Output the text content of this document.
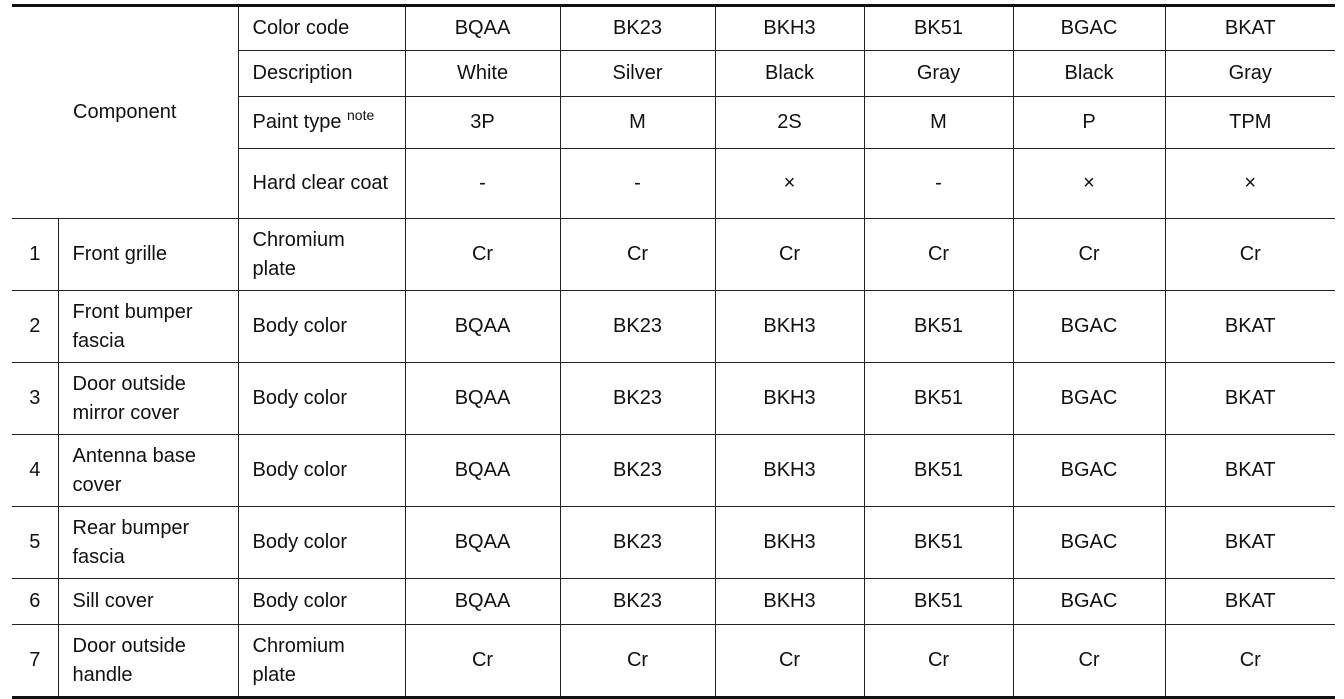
Component		Color code	BQAA	BK23	BKH3	BK51	BGAC	BKAT
		Description	White	Silver	Black	Gray	Black	Gray
		Paint type $^{note}$	3P	M	2S	M	P	TPM
		Hard clear coat	-	-	×	-	×	×
1	Front grille	Chromium plate	Cr	Cr	Cr	Cr	Cr	Cr
2	Front bumper fascia	Body color	BQAA	BK23	BKH3	BK51	BGAC	BKAT
3	Door outside mirror cover	Body color	BQAA	BK23	BKH3	BK51	BGAC	BKAT
4	Antenna base cover	Body color	BQAA	BK23	BKH3	BK51	BGAC	BKAT
5	Rear bumper fascia	Body color	BQAA	BK23	BKH3	BK51	BGAC	BKAT
6	Sill cover	Body color	BQAA	BK23	BKH3	BK51	BGAC	BKAT
7	Door outside handle	Chromium plate	Cr	Cr	Cr	Cr	Cr	Cr
